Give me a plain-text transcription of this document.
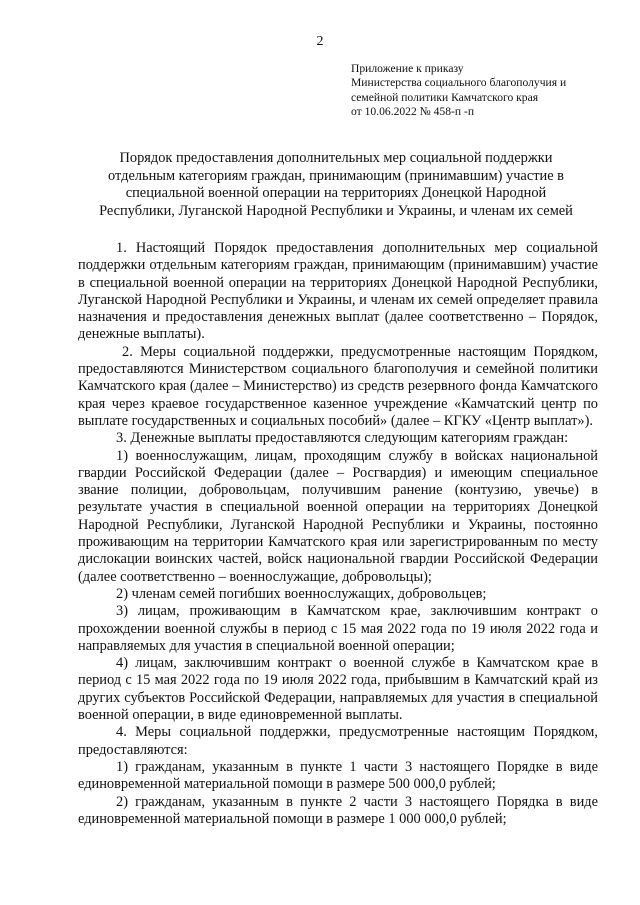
2
Приложение к приказу
Министерства социального благополучия и
семейной политики Камчатского края
от 10.06.2022 № 458-п -п
Порядок предоставления дополнительных мер социальной поддержки
отдельным категориям граждан, принимающим (принимавшим) участие в
специальной военной операции на территориях Донецкой Народной
Республики, Луганской Народной Республики и Украины, и членам их семей

1. Настоящий Порядок предоставления дополнительных мер социальной поддержки отдельным категориям граждан, принимающим (принимавшим) участие в специальной военной операции на территориях Донецкой Народной Республики, Луганской Народной Республики и Украины, и членам их семей определяет правила назначения и предоставления денежных выплат (далее соответственно – Порядок, денежные выплаты).

2. Меры социальной поддержки, предусмотренные настоящим Порядком, предоставляются Министерством социального благополучия и семейной политики Камчатского края (далее – Министерство) из средств резервного фонда Камчатского края через краевое государственное казенное учреждение «Камчатский центр по выплате государственных и социальных пособий» (далее – КГКУ «Центр выплат»).

3. Денежные выплаты предоставляются следующим категориям граждан:

1) военнослужащим, лицам, проходящим службу в войсках национальной гвардии Российской Федерации (далее – Росгвардия) и имеющим специальное звание полиции, добровольцам, получившим ранение (контузию, увечье) в результате участия в специальной военной операции на территориях Донецкой Народной Республики, Луганской Народной Республики и Украины, постоянно проживающим на территории Камчатского края или зарегистрированным по месту дислокации воинских частей, войск национальной гвардии Российской Федерации (далее соответственно – военнослужащие, добровольцы);

2) членам семей погибших военнослужащих, добровольцев;

3) лицам, проживающим в Камчатском крае, заключившим контракт о прохождении военной службы в период с 15 мая 2022 года по 19 июля 2022 года и направляемых для участия в специальной военной операции;

4) лицам, заключившим контракт о военной службе в Камчатском крае в период с 15 мая 2022 года по 19 июля 2022 года, прибывшим в Камчатский край из других субъектов Российской Федерации, направляемых для участия в специальной военной операции, в виде единовременной выплаты.

4. Меры социальной поддержки, предусмотренные настоящим Порядком, предоставляются:

1) гражданам, указанным в пункте 1 части 3 настоящего Порядке в виде единовременной материальной помощи в размере 500 000,0 рублей;

2) гражданам, указанным в пункте 2 части 3 настоящего Порядка в виде единовременной материальной помощи в размере 1 000 000,0 рублей;
